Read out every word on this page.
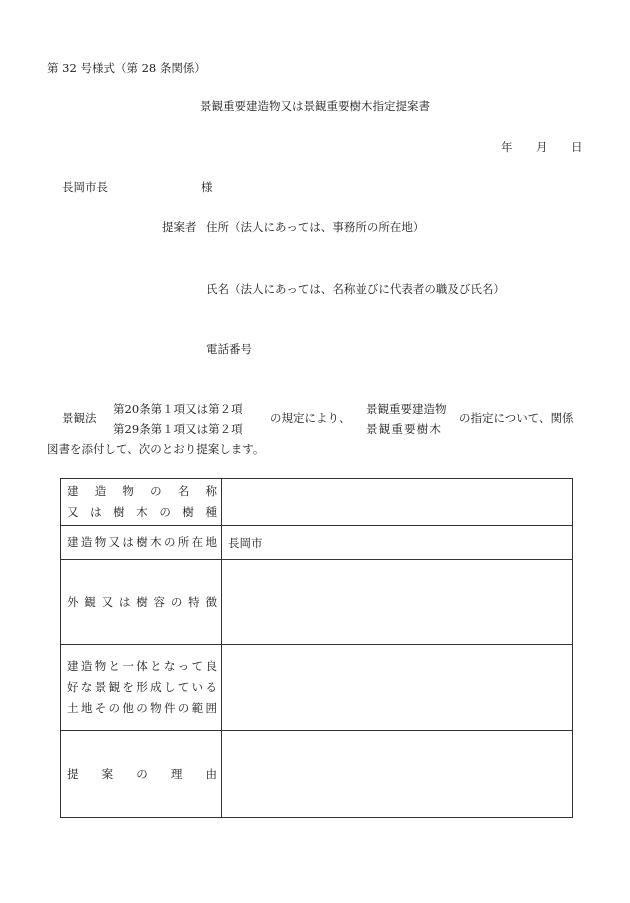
第 32 号様式（第 28 条関係）
景観重要建造物又は景観重要樹木指定提案書
年 月 日
長岡市長	様
提案者 住所（法人にあっては、事務所の所在地）
氏名（法人にあっては、名称並びに代表者の職及び氏名）
電話番号
景観法
第20条第１項又は第２項
第29条第１項又は第２項
の規定により、
景観重要建造物
景観重要樹木
の指定について、関係
図書を添付して、次のとおり提案します。
建造物の名称
又は樹木の樹種	

建造物又は樹木の所在地	長岡市

外観又は樹容の特徴	

建造物と一体となって良
好な景観を形成している
土地その他の物件の範囲	

提案の理由	
